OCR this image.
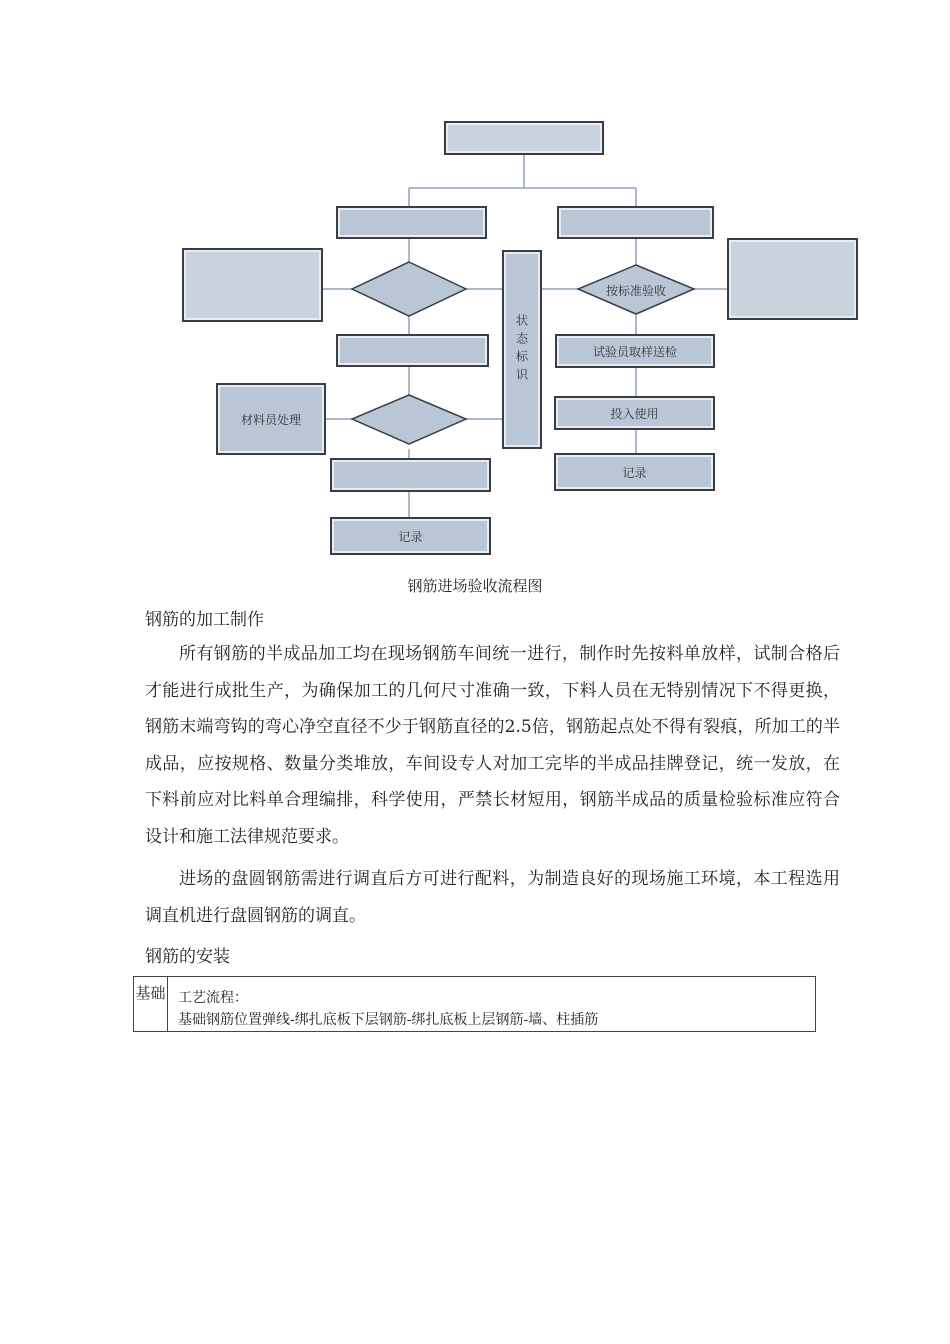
按标准验收
状态标识	试验员取样送检
材料员处理	投入使用
记录
记录
钢筋进场验收流程图
钢筋的加工制作

所有钢筋的半成品加工均在现场钢筋车间统一进行，制作时先按料单放样，试制合格后才能进行成批生产，为确保加工的几何尺寸准确一致，下料人员在无特别情况下不得更换，钢筋末端弯钩的弯心净空直径不少于钢筋直径的2.5倍，钢筋起点处不得有裂痕，所加工的半成品，应按规格、数量分类堆放，车间设专人对加工完毕的半成品挂牌登记，统一发放，在下料前应对比料单合理编排，科学使用，严禁长材短用，钢筋半成品的质量检验标准应符合设计和施工法律规范要求。

进场的盘圆钢筋需进行调直后方可进行配料，为制造良好的现场施工环境，本工程选用调直机进行盘圆钢筋的调直。

钢筋的安装
基础 工艺流程：
基础钢筋位置弹线-绑扎底板下层钢筋-绑扎底板上层钢筋-墙、柱插筋
